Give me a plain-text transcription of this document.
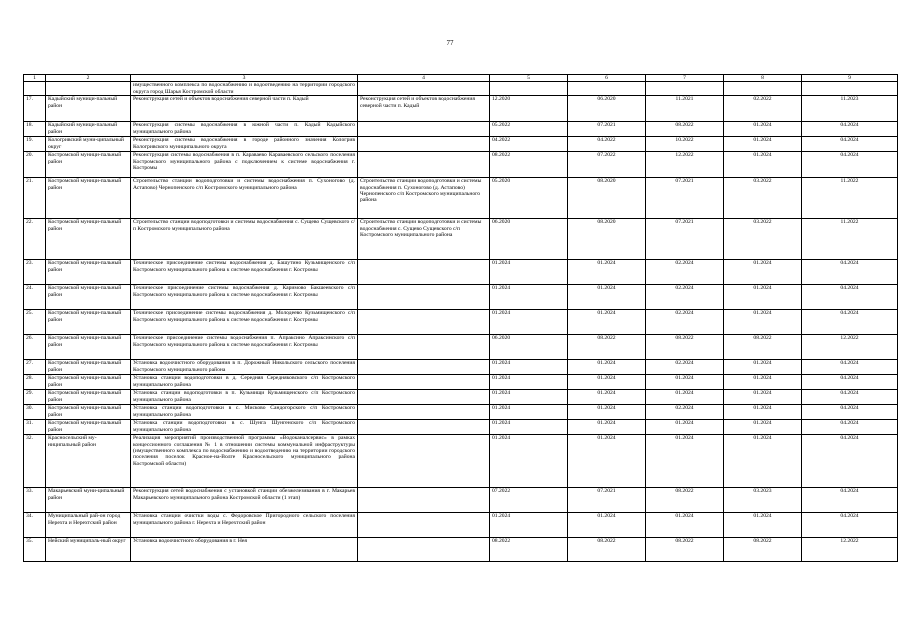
77
1	2	3	4	5	6	7	8	9
		имущественного комплекса по водоснабжению и водоотведению на территории городского округа город Шарья Костромской области						
17.	Кадыйский муници-пальный район	Реконструкция сетей и объектов водоснабжения северной части п. Кадый	Реконструкция сетей и объектов водоснабжения северной части п. Кадый	12.2020	06.2020	11.2021	02.2022	11.2023
18.	Кадыйский муници-пальный район	Реконструкция системы водоснабжения в южной части п. Кадый Кадыйского муниципального района		05.2022	07.2021	08.2022	01.2024	04.2024
19.	Кологривский муни-ципальный округ	Реконструкция системы водоснабжения в городе районного значения Кологрив Кологривского муниципального округа		04.2022	04.2022	10.2022	01.2024	04.2024
20.	Костромской муници-пальный район	Реконструкция системы водоснабжения в п. Караваево Караваевского сельского поселения Костромского муниципального района с подключением к системе водоснабжения г. Костромы		08.2022	07.2022	12.2022	01.2024	04.2024
21.	Костромской муници-пальный район	Строительство станции водоподготовки и системы водоснабжения п. Сухоногово (д. Астапово) Чернопенского с/п Костромского муниципального района	Строительство станции водоподготовки и системы водоснабжения п. Сухоногово (д. Астапово) Чернопенского с/п Костромского муниципального района	05.2020	08.2020	07.2021	03.2022	11.2022
22.	Костромской муници-пальный район	Строительство станции водоподготовки и системы водоснабжения с. Сущево Сущевского с/п Костромского муниципального района	Строительство станции водоподготовки и системы водоснабжения с. Сущево Сущевского с/п Костромского муниципального района	06.2020	08.2020	07.2021	03.2022	11.2022
23.	Костромской муници-пальный район	Техническое присоединение системы водоснабжения д. Башутино Кузьмищенского с/п Костромского муниципального района к системе водоснабжения г. Костромы		01.2024	01.2024	02.2024	01.2024	04.2024
24.	Костромской муници-пальный район	Техническое присоединение системы водоснабжения д. Каримово Бакшеевского с/п Костромского муниципального района к системе водоснабжения г. Костромы		01.2024	01.2024	02.2024	01.2024	04.2024
25.	Костромской муници-пальный район	Техническое присоединение системы водоснабжения д. Молодеево Кузьмищенского с/п Костромского муниципального района к системе водоснабжения г. Костромы		01.2024	01.2024	02.2024	01.2024	04.2024
26.	Костромской муници-пальный район	Техническое присоединение системы водоснабжения п. Апраксино Апраксинского с/п Костромского муниципального района к системе водоснабжения г. Костромы		06.2020	08.2022	08.2022	08.2022	12.2022
27.	Костромской муници-пальный район	Установка водоочистного оборудования в п. Дорожный Никольского сельского поселения Костромского муниципального района		01.2024	01.2024	02.2024	01.2024	04.2024
28.	Костромской муници-пальный район	Установка станции водоподготовки в д. Середняя Середняковского с/п Костромского муниципального района		01.2024	01.2024	01.2024	01.2024	04.2024
29.	Костромской муници-пальный район	Установка станции водоподготовки в п. Кузьмищи Кузьмищенского с/п Костромского муниципального района		01.2024	01.2024	01.2024	01.2024	04.2024
30.	Костромской муници-пальный район	Установка станции водоподготовки в с. Мисково Сандогорского с/п Костромского муниципального района		01.2024	01.2024	02.2024	01.2024	04.2024
31.	Костромской муници-пальный район	Установка станции водоподготовки в с. Шунга Шунгенского с/п Костромского муниципального района		01.2024	01.2024	01.2024	01.2024	04.2024
32.	Красносельский му-ниципальный район	Реализация мероприятий производственной программы «Водоканалсервис» в рамках концессионного соглашения № 1 в отношении системы коммунальной инфраструктуры (имущественного комплекса по водоснабжению и водоотведению на территории городского поселения поселок Красное-на-Волге Красносельского муниципального района Костромской области)		01.2024	01.2024	01.2024	01.2024	04.2024
33.	Макарьевский муни-ципальный район	Реконструкция сетей водоснабжения с установкой станции обезжелезивания в г. Макарьев Макарьевского муниципального района Костромской области (1 этап)		07.2022	07.2021	08.2022	03.2023	04.2024
34.	Муниципальный рай-он город Нерехта и Нерехтский район	Установка станции очистки воды с. Федоровское Пригородного сельского поселения муниципального района г. Нерехта и Нерехтский район		01.2024	01.2024	01.2024	01.2024	04.2024
35.	Нейский муниципаль-ный округ	Установка водоочистного оборудования в г. Нея		08.2022	08.2022	08.2022	08.2022	12.2022
